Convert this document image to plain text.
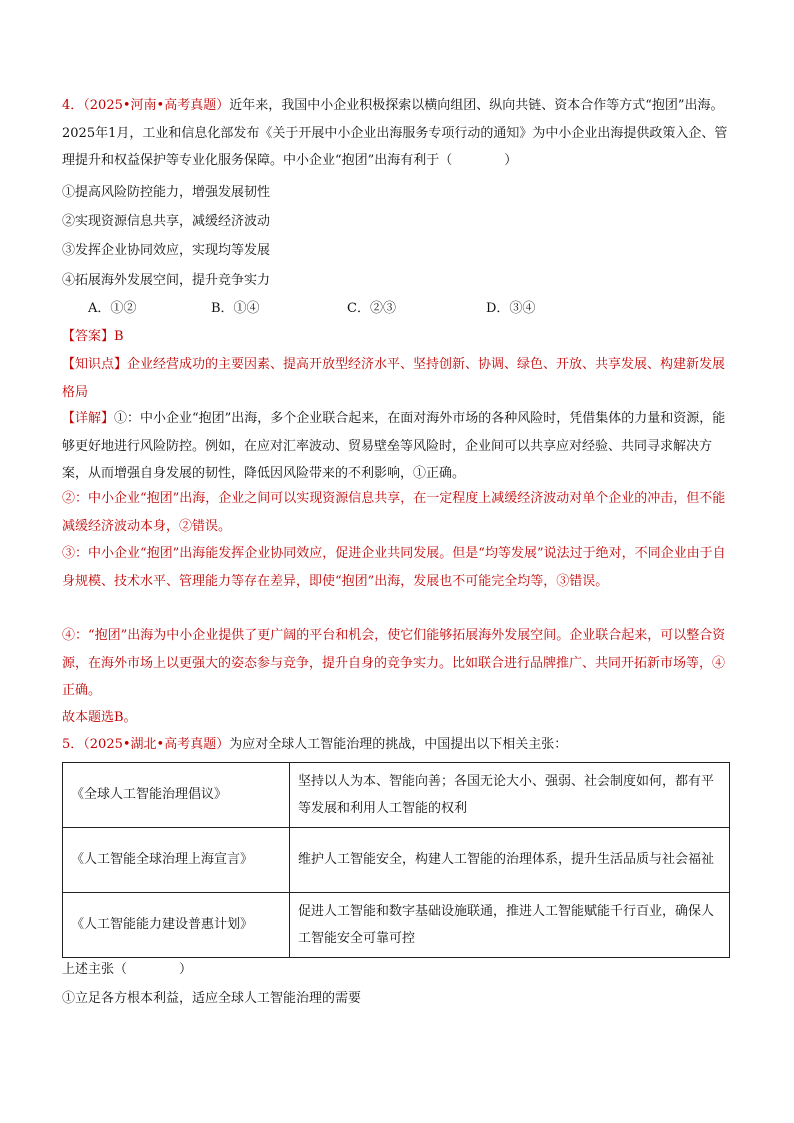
4．（2025•河南•高考真题）近年来，我国中小企业积极探索以横向组团、纵向共链、资本合作等方式“抱团”出海。2025年1月，工业和信息化部发布《关于开展中小企业出海服务专项行动的通知》为中小企业出海提供政策入企、管理提升和权益保护等专业化服务保障。中小企业“抱团”出海有利于（	）

①提高风险防控能力，增强发展韧性

②实现资源信息共享，减缓经济波动

③发挥企业协同效应，实现均等发展

④拓展海外发展空间，提升竞争实力

A．①②	B．①④	C．②③	D．③④

【答案】B

【知识点】企业经营成功的主要因素、提高开放型经济水平、坚持创新、协调、绿色、开放、共享发展、构建新发展格局

【详解】①：中小企业“抱团”出海，多个企业联合起来，在面对海外市场的各种风险时，凭借集体的力量和资源，能够更好地进行风险防控。例如，在应对汇率波动、贸易壁垒等风险时，企业间可以共享应对经验、共同寻求解决方案，从而增强自身发展的韧性，降低因风险带来的不利影响，①正确。

②：中小企业“抱团”出海，企业之间可以实现资源信息共享，在一定程度上减缓经济波动对单个企业的冲击，但不能减缓经济波动本身，②错误。

③：中小企业“抱团”出海能发挥企业协同效应，促进企业共同发展。但是“均等发展”说法过于绝对，不同企业由于自身规模、技术水平、管理能力等存在差异，即使“抱团”出海，发展也不可能完全均等，③错误。

④：“抱团”出海为中小企业提供了更广阔的平台和机会，使它们能够拓展海外发展空间。企业联合起来，可以整合资源，在海外市场上以更强大的姿态参与竞争，提升自身的竞争实力。比如联合进行品牌推广、共同开拓新市场等，④正确。

故本题选B。

5．（2025•湖北•高考真题）为应对全球人工智能治理的挑战，中国提出以下相关主张：

《全球人工智能治理倡议》	坚持以人为本、智能向善；各国无论大小、强弱、社会制度如何，都有平等发展和利用人工智能的权利
《人工智能全球治理上海宣言》	维护人工智能安全，构建人工智能的治理体系，提升生活品质与社会福祉
《人工智能能力建设普惠计划》	促进人工智能和数字基础设施联通，推进人工智能赋能千行百业，确保人工智能安全可靠可控

上述主张（	）

①立足各方根本利益，适应全球人工智能治理的需要
